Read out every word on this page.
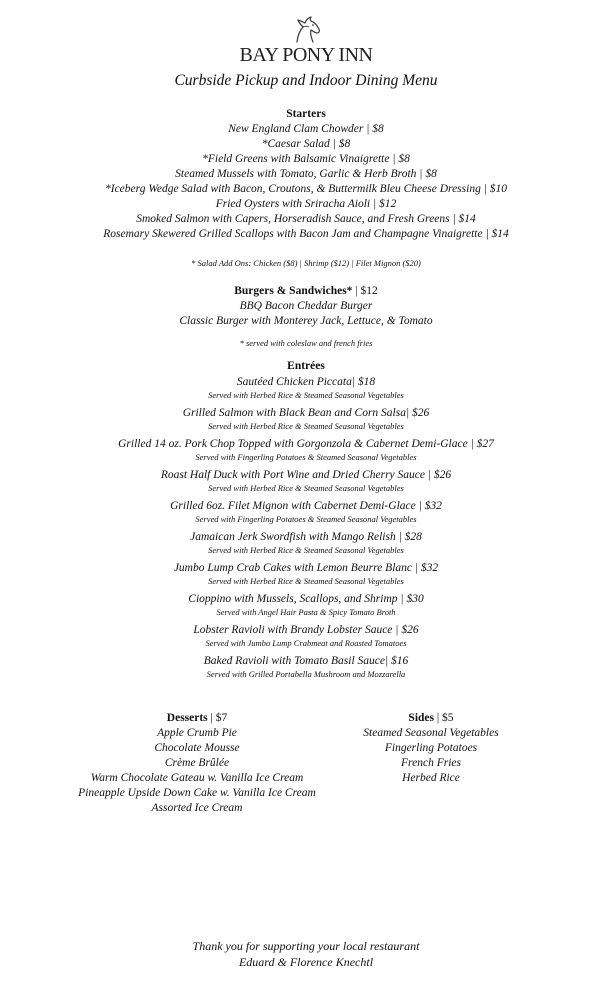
BAY PONY INN
Curbside Pickup and Indoor Dining Menu
Starters
New England Clam Chowder | $8
*Caesar Salad | $8
*Field Greens with Balsamic Vinaigrette | $8
Steamed Mussels with Tomato, Garlic & Herb Broth | $8
*Iceberg Wedge Salad with Bacon, Croutons, & Buttermilk Bleu Cheese Dressing | $10
Fried Oysters with Sriracha Aioli | $12
Smoked Salmon with Capers, Horseradish Sauce, and Fresh Greens | $14
Rosemary Skewered Grilled Scallops with Bacon Jam and Champagne Vinaigrette | $14
* Salad Add Ons: Chicken ($8) | Shrimp ($12) | Filet Mignon ($20)
Burgers & Sandwiches* | $12
BBQ Bacon Cheddar Burger
Classic Burger with Monterey Jack, Lettuce, & Tomato
* served with coleslaw and french fries
Entrées
Sautéed Chicken Piccata| $18
Served with Herbed Rice & Steamed Seasonal Vegetables
Grilled Salmon with Black Bean and Corn Salsa| $26
Served with Herbed Rice & Steamed Seasonal Vegetables
Grilled 14 oz. Pork Chop Topped with Gorgonzola & Cabernet Demi-Glace | $27
Served with Fingerling Potatoes & Steamed Seasonal Vegetables
Roast Half Duck with Port Wine and Dried Cherry Sauce | $26
Served with Herbed Rice & Steamed Seasonal Vegetables
Grilled 6oz. Filet Mignon with Cabernet Demi-Glace | $32
Served with Fingerling Potatoes & Steamed Seasonal Vegetables
Jamaican Jerk Swordfish with Mango Relish | $28
Served with Herbed Rice & Steamed Seasonal Vegetables
Jumbo Lump Crab Cakes with Lemon Beurre Blanc | $32
Served with Herbed Rice & Steamed Seasonal Vegetables
Cioppino with Mussels, Scallops, and Shrimp | $30
Served with Angel Hair Pasta & Spicy Tomato Broth
Lobster Ravioli with Brandy Lobster Sauce | $26
Served with Jumbo Lump Crabmeat and Roasted Tomatoes
Baked Ravioli with Tomato Basil Sauce| $16
Served with Grilled Portabella Mushroom and Mozzarella
Desserts | $7
Apple Crumb Pie
Chocolate Mousse
Crème Brûlée
Warm Chocolate Gateau w. Vanilla Ice Cream
Pineapple Upside Down Cake w. Vanilla Ice Cream
Assorted Ice Cream
Sides | $5
Steamed Seasonal Vegetables
Fingerling Potatoes
French Fries
Herbed Rice
Thank you for supporting your local restaurant
Eduard & Florence Knechtl
